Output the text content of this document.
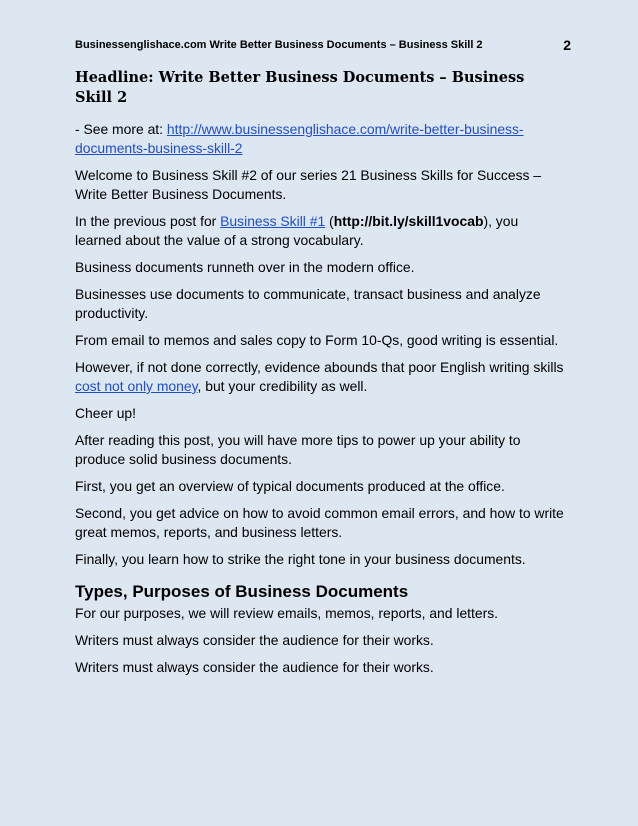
Businessenglishace.com Write Better Business Documents – Business Skill 2	2
Headline: Write Better Business Documents – Business Skill 2

- See more at: http://www.businessenglishace.com/write-better-business-documents-business-skill-2

Welcome to Business Skill #2 of our series 21 Business Skills for Success – Write Better Business Documents.

In the previous post for Business Skill #1 (http://bit.ly/skill1vocab), you learned about the value of a strong vocabulary.

Business documents runneth over in the modern office.

Businesses use documents to communicate, transact business and analyze productivity.

From email to memos and sales copy to Form 10-Qs, good writing is essential.

However, if not done correctly, evidence abounds that poor English writing skills cost not only money, but your credibility as well.

Cheer up!

After reading this post, you will have more tips to power up your ability to produce solid business documents.

First, you get an overview of typical documents produced at the office.

Second, you get advice on how to avoid common email errors, and how to write great memos, reports, and business letters.

Finally, you learn how to strike the right tone in your business documents.

Types, Purposes of Business Documents

For our purposes, we will review emails, memos, reports, and letters.

Writers must always consider the audience for their works.

Writers must always consider the audience for their works.
